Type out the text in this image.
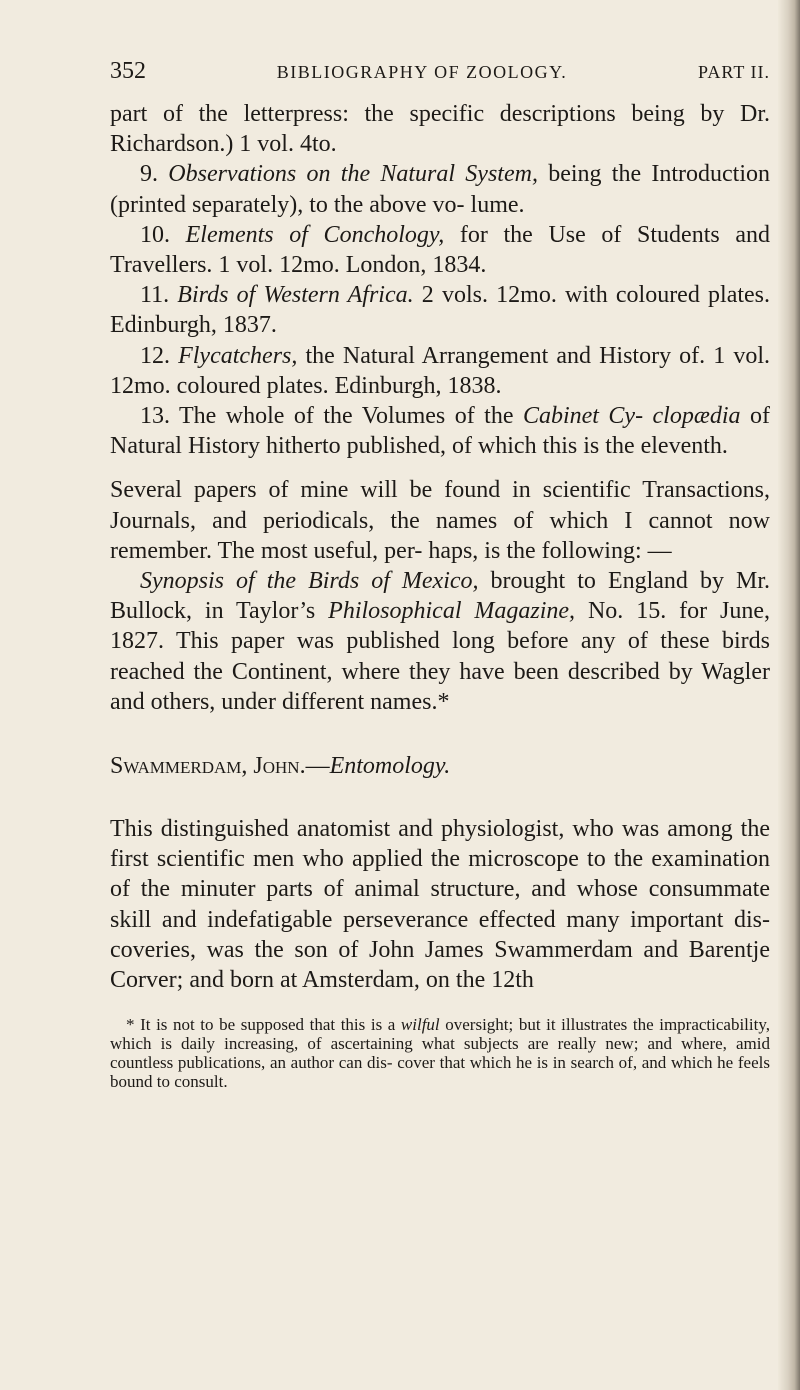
352	BIBLIOGRAPHY OF ZOOLOGY.	PART II.

part of the letterpress: the specific descriptions being by Dr. Richardson.) 1 vol. 4to.

9. Observations on the Natural System, being the Introduction (printed separately), to the above vo- lume.

10. Elements of Conchology, for the Use of Students and Travellers. 1 vol. 12mo. London, 1834.

11. Birds of Western Africa. 2 vols. 12mo. with coloured plates. Edinburgh, 1837.

12. Flycatchers, the Natural Arrangement and History of. 1 vol. 12mo. coloured plates. Edinburgh, 1838.

13. The whole of the Volumes of the Cabinet Cy- clopædia of Natural History hitherto published, of which this is the eleventh.

Several papers of mine will be found in scientific Transactions, Journals, and periodicals, the names of which I cannot now remember. The most useful, per- haps, is the following: —

Synopsis of the Birds of Mexico, brought to England by Mr. Bullock, in Taylor’s Philosophical Magazine, No. 15. for June, 1827. This paper was published long before any of these birds reached the Continent, where they have been described by Wagler and others, under different names.*

Swammerdam, John.—Entomology.

This distinguished anatomist and physiologist, who was among the first scientific men who applied the microscope to the examination of the minuter parts of animal structure, and whose consummate skill and indefatigable perseverance effected many important dis- coveries, was the son of John James Swammerdam and Barentje Corver; and born at Amsterdam, on the 12th

* It is not to be supposed that this is a wilful oversight; but it illustrates the impracticability, which is daily increasing, of ascertaining what subjects are really new; and where, amid countless publications, an author can dis- cover that which he is in search of, and which he feels bound to consult.
